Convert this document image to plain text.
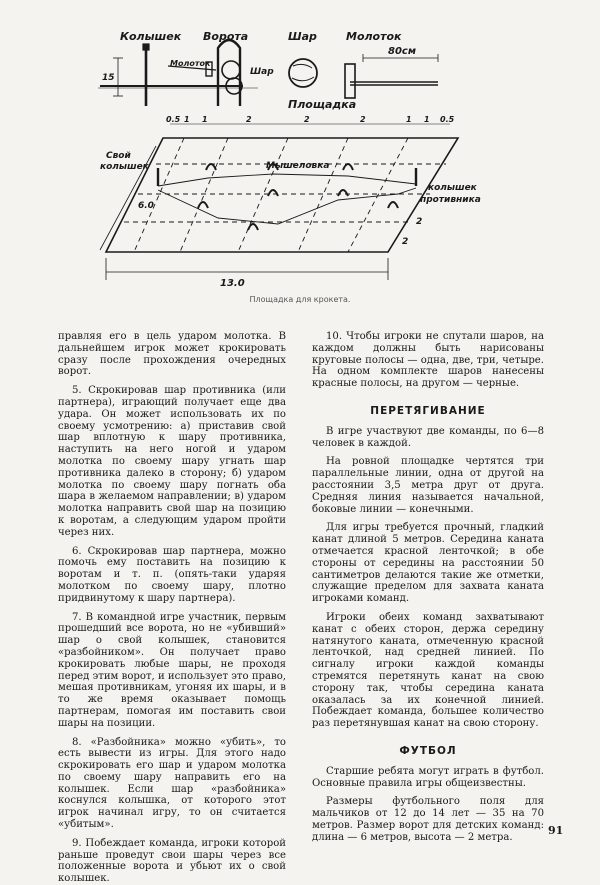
Колышек Ворота	Шар	Молоток
Молоток
Шар
80см
15
Площадка
Свой
колышек	Мышеловка
колышек
противника
6.0
13.0
2
2
0.5 1 1	2	2	2	1 1 0.5
Площадка для крокета.

правляя его в цель ударом молотка. В дальнейшем игрок может крокировать сразу после прохождения очередных ворот.

5. Скрокировав шар противника (или партнера), играющий получает еще два удара. Он может использовать их по своему усмотрению: а) приставив свой шар вплотную к шару противника, наступить на него ногой и ударом молотка по своему шару угнать шар противника далеко в сторону; б) ударом молотка по своему шару погнать оба шара в желаемом направлении; в) ударом молотка направить свой шар на позицию к воротам, а следующим ударом пройти через них.

6. Скрокировав шар партнера, можно помочь ему поставить на позицию к воротам и т. п. (опять-таки ударяя молотком по своему шару, плотно придвинутому к шару партнера).

7. В командной игре участник, первым прошедший все ворота, но не «убивший» шар о свой колышек, становится «разбойником». Он получает право крокировать любые шары, не проходя перед этим ворот, и использует это право, мешая противникам, угоняя их шары, и в то же время оказывает помощь партнерам, помогая им поставить свои шары на позиции.

8. «Разбойника» можно «убить», то есть вывести из игры. Для этого надо скрокировать его шар и ударом молотка по своему шару направить его на колышек. Если шар «разбойника» коснулся колышка, от которого этот игрок начинал игру, то он считается «убитым».

9. Побеждает команда, игроки которой раньше проведут свои шары через все положенные ворота и убьют их о свой колышек.

10. Чтобы игроки не спутали шаров, на каждом должны быть нарисованы круговые полосы — одна, две, три, четыре. На одном комплекте шаров нанесены красные полосы, на другом — черные.

ПЕРЕТЯГИВАНИЕ

В игре участвуют две команды, по 6—8 человек в каждой.

На ровной площадке чертятся три параллельные линии, одна от другой на расстоянии 3,5 метра друг от друга. Средняя линия называется начальной, боковые линии — конечными.

Для игры требуется прочный, гладкий канат длиной 5 метров. Середина каната отмечается красной ленточкой; в обе стороны от середины на расстоянии 50 сантиметров делаются такие же отметки, служащие пределом для захвата каната игроками команд.

Игроки обеих команд захватывают канат с обеих сторон, держа середину натянутого каната, отмеченную красной ленточкой, над средней линией. По сигналу игроки каждой команды стремятся перетянуть канат на свою сторону так, чтобы середина каната оказалась за их конечной линией. Побеждает команда, большее количество раз перетянувшая канат на свою сторону.

ФУТБОЛ

Старшие ребята могут играть в футбол. Основные правила игры общеизвестны.

Размеры футбольного поля для мальчиков от 12 до 14 лет — 35 на 70 метров. Размер ворот для детских команд: длина — 6 метров, высота — 2 метра.

91
